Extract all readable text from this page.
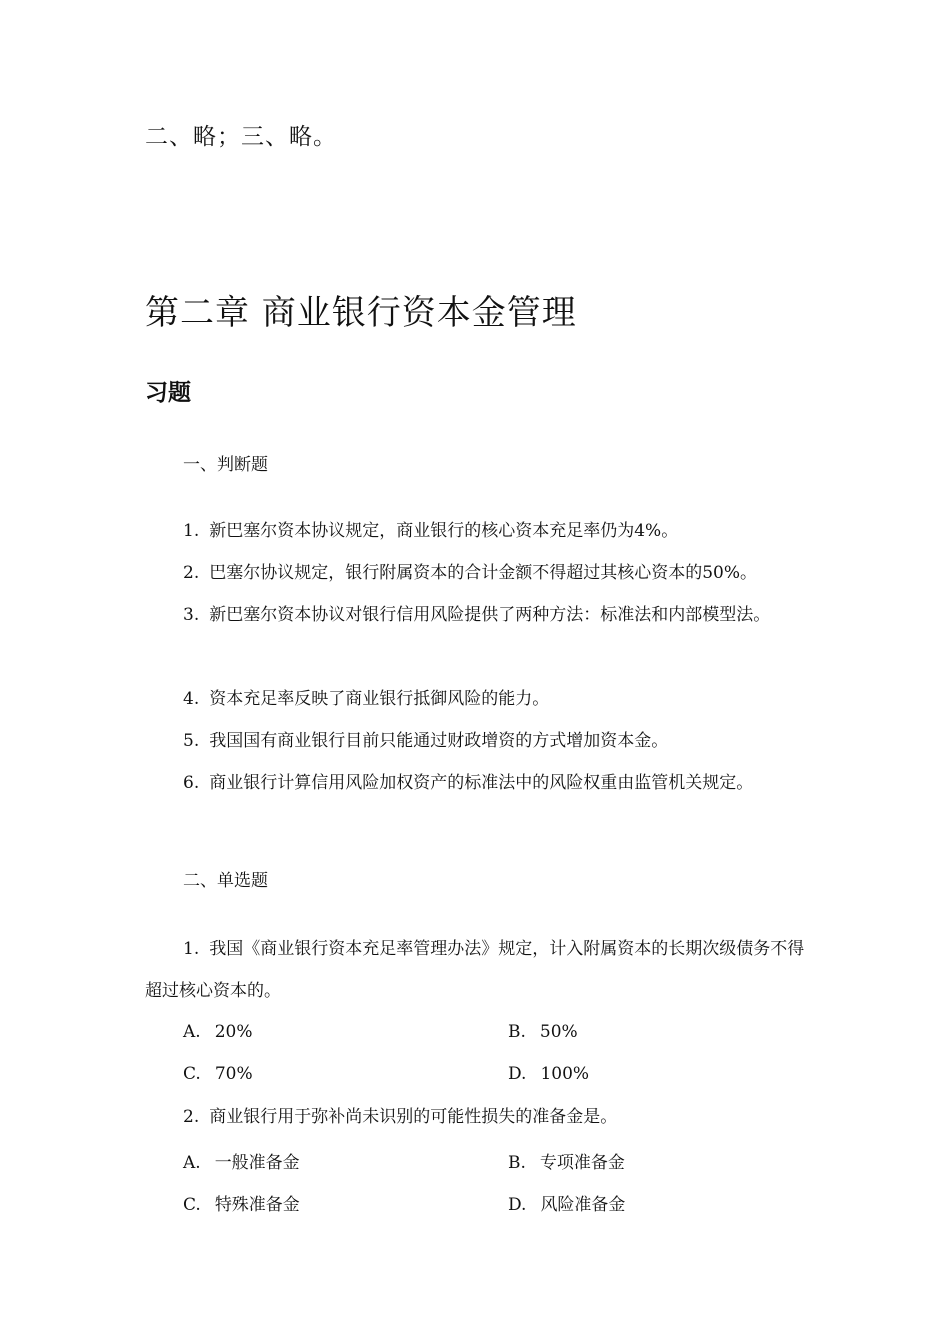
二、略；三、略。
第二章 商业银行资本金管理
习题
一、判断题
1. 新巴塞尔资本协议规定，商业银行的核心资本充足率仍为4%。
2. 巴塞尔协议规定，银行附属资本的合计金额不得超过其核心资本的50%。
3. 新巴塞尔资本协议对银行信用风险提供了两种方法：标准法和内部模型法。
4. 资本充足率反映了商业银行抵御风险的能力。
5. 我国国有商业银行目前只能通过财政增资的方式增加资本金。
6. 商业银行计算信用风险加权资产的标准法中的风险权重由监管机关规定。
二、单选题
1. 我国《商业银行资本充足率管理办法》规定，计入附属资本的长期次级债务不得超过核心资本的。
A. 20%	B. 50%
C. 70%	D. 100%
2. 商业银行用于弥补尚未识别的可能性损失的准备金是。
A. 一般准备金	B. 专项准备金
C. 特殊准备金	D. 风险准备金
